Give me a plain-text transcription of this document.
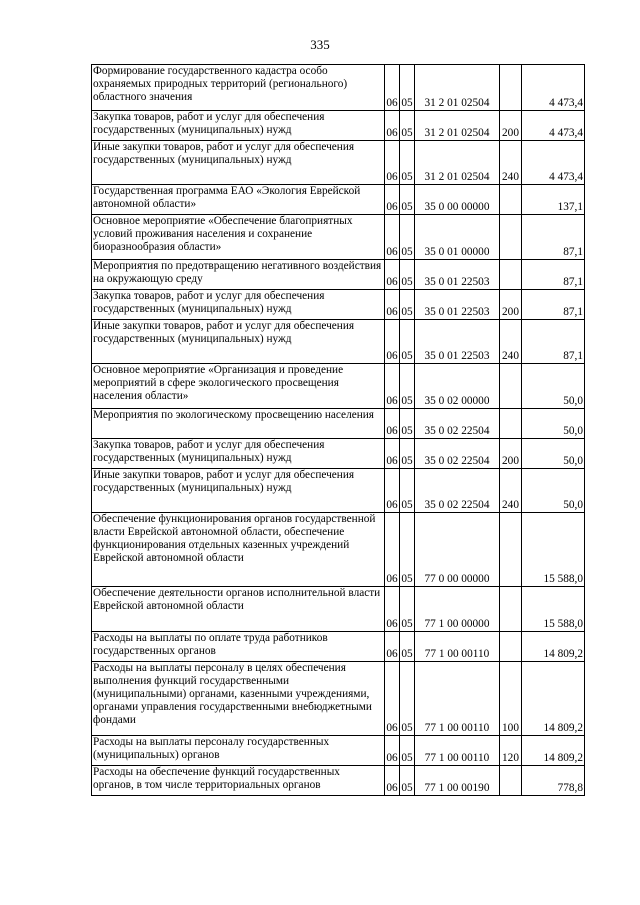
335
Формирование государственного кадастра особо охраняемых природных территорий (регионального) областного значения	06	05	31 2 01 02504		4 473,4

Закупка товаров, работ и услуг для обеспечения государственных (муниципальных) нужд	06	05	31 2 01 02504	200	4 473,4

Иные закупки товаров, работ и услуг для обеспечения государственных (муниципальных) нужд	06	05	31 2 01 02504	240	4 473,4

Государственная программа ЕАО «Экология Еврейской автономной области»	06	05	35 0 00 00000		137,1

Основное мероприятие «Обеспечение благоприятных условий проживания населения и сохранение биоразнообразия области»	06	05	35 0 01 00000		87,1

Мероприятия по предотвращению негативного воздействия на окружающую среду	06	05	35 0 01 22503		87,1

Закупка товаров, работ и услуг для обеспечения государственных (муниципальных) нужд	06	05	35 0 01 22503	200	87,1

Иные закупки товаров, работ и услуг для обеспечения государственных (муниципальных) нужд	06	05	35 0 01 22503	240	87,1

Основное мероприятие «Организация и проведение мероприятий в сфере экологического просвещения населения области»	06	05	35 0 02 00000		50,0

Мероприятия по экологическому просвещению населения	06	05	35 0 02 22504		50,0

Закупка товаров, работ и услуг для обеспечения государственных (муниципальных) нужд	06	05	35 0 02 22504	200	50,0

Иные закупки товаров, работ и услуг для обеспечения государственных (муниципальных) нужд	06	05	35 0 02 22504	240	50,0

Обеспечение функционирования органов государственной власти Еврейской автономной области, обеспечение функционирования отдельных казенных учреждений Еврейской автономной области	06	05	77 0 00 00000		15 588,0

Обеспечение деятельности органов исполнительной власти Еврейской автономной области	06	05	77 1 00 00000		15 588,0

Расходы на выплаты по оплате труда работников государственных органов	06	05	77 1 00 00110		14 809,2

Расходы на выплаты персоналу в целях обеспечения выполнения функций государственными (муниципальными) органами, казенными учреждениями, органами управления государственными внебюджетными фондами	06	05	77 1 00 00110	100	14 809,2

Расходы на выплаты персоналу государственных (муниципальных) органов	06	05	77 1 00 00110	120	14 809,2

Расходы на обеспечение функций государственных органов, в том числе территориальных органов	06	05	77 1 00 00190		778,8
